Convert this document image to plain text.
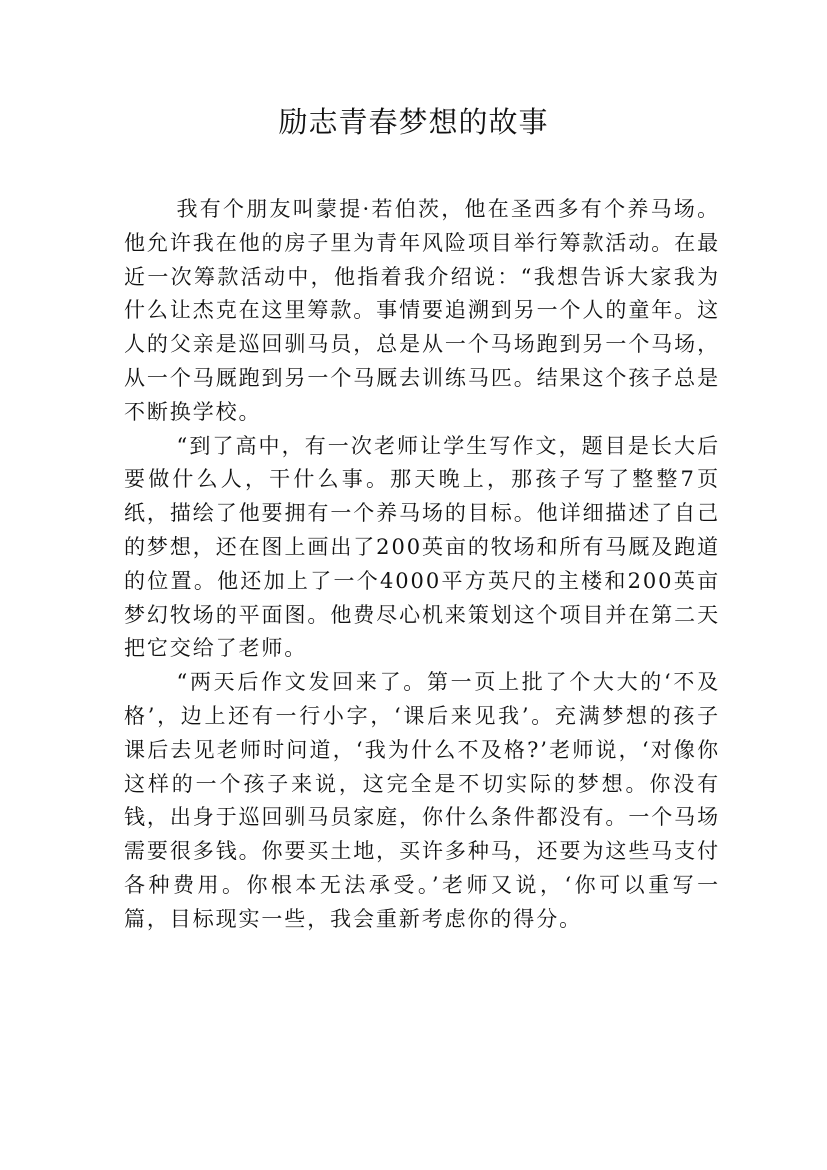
励志青春梦想的故事

我有个朋友叫蒙提·若伯茨，他在圣西多有个养马场。他允许我在他的房子里为青年风险项目举行筹款活动。在最近一次筹款活动中，他指着我介绍说：“我想告诉大家我为什么让杰克在这里筹款。事情要追溯到另一个人的童年。这人的父亲是巡回驯马员，总是从一个马场跑到另一个马场，从一个马厩跑到另一个马厩去训练马匹。结果这个孩子总是不断换学校。

“到了高中，有一次老师让学生写作文，题目是长大后要做什么人，干什么事。那天晚上，那孩子写了整整7页纸，描绘了他要拥有一个养马场的目标。他详细描述了自己的梦想，还在图上画出了200英亩的牧场和所有马厩及跑道的位置。他还加上了一个4000平方英尺的主楼和200英亩梦幻牧场的平面图。他费尽心机来策划这个项目并在第二天把它交给了老师。

“两天后作文发回来了。第一页上批了个大大的‘不及格’，边上还有一行小字，‘课后来见我’。充满梦想的孩子课后去见老师时问道，‘我为什么不及格?’老师说，‘对像你这样的一个孩子来说，这完全是不切实际的梦想。你没有钱，出身于巡回驯马员家庭，你什么条件都没有。一个马场需要很多钱。你要买土地，买许多种马，还要为这些马支付各种费用。你根本无法承受。’老师又说，‘你可以重写一篇，目标现实一些，我会重新考虑你的得分。
